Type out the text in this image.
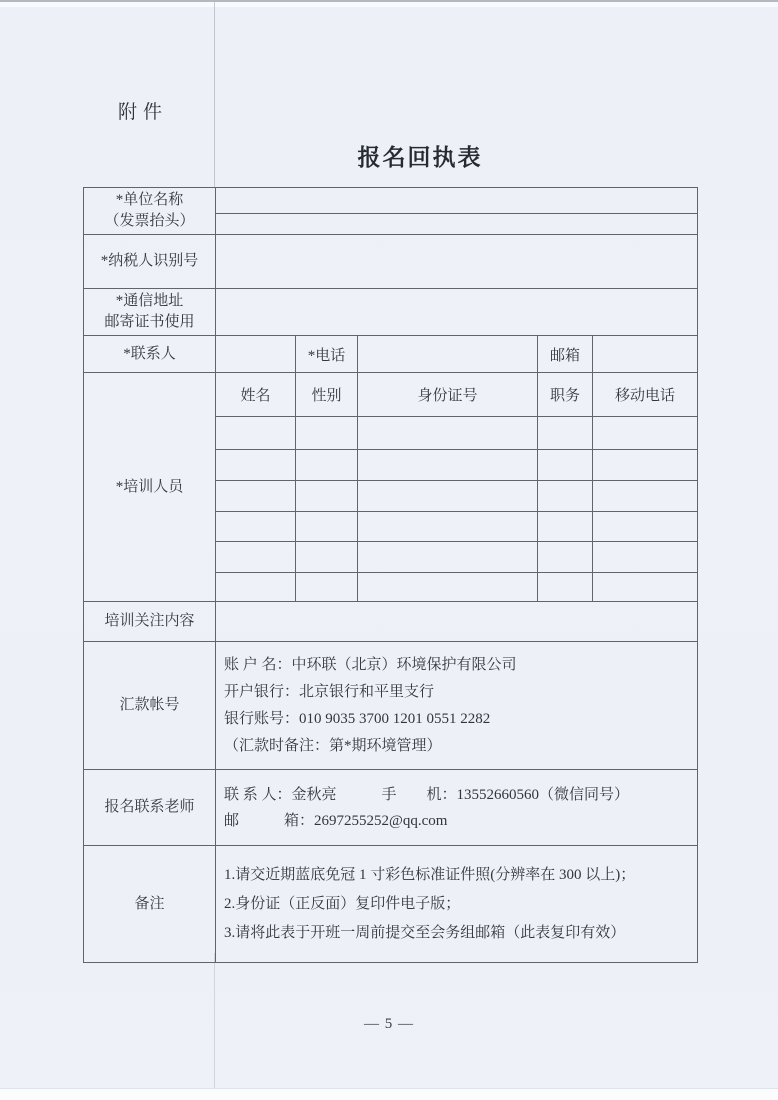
附件
报名回执表
*单位名称
（发票抬头）					

*纳税人识别号					

*通信地址
邮寄证书使用					

*联系人		*电话		邮箱	
*培训人员	姓名	性别	身份证号	职务	移动电话

培训关注内容					
汇款帐号	账 户 名：中环联（北京）环境保护有限公司

开户银行：北京银行和平里支行

银行账号：010 9035 3700 1201 0551 2282

（汇款时备注：第*期环境管理）				

报名联系老师	联 系 人：金秋亮　　　手　　机：13552660560（微信同号）

邮　　　箱：2697255252@qq.com				

备注	1.请交近期蓝底免冠 1 寸彩色标准证件照(分辨率在 300 以上)；

2.身份证（正反面）复印件电子版；

3.请将此表于开班一周前提交至会务组邮箱（此表复印有效）				

— 5 —
